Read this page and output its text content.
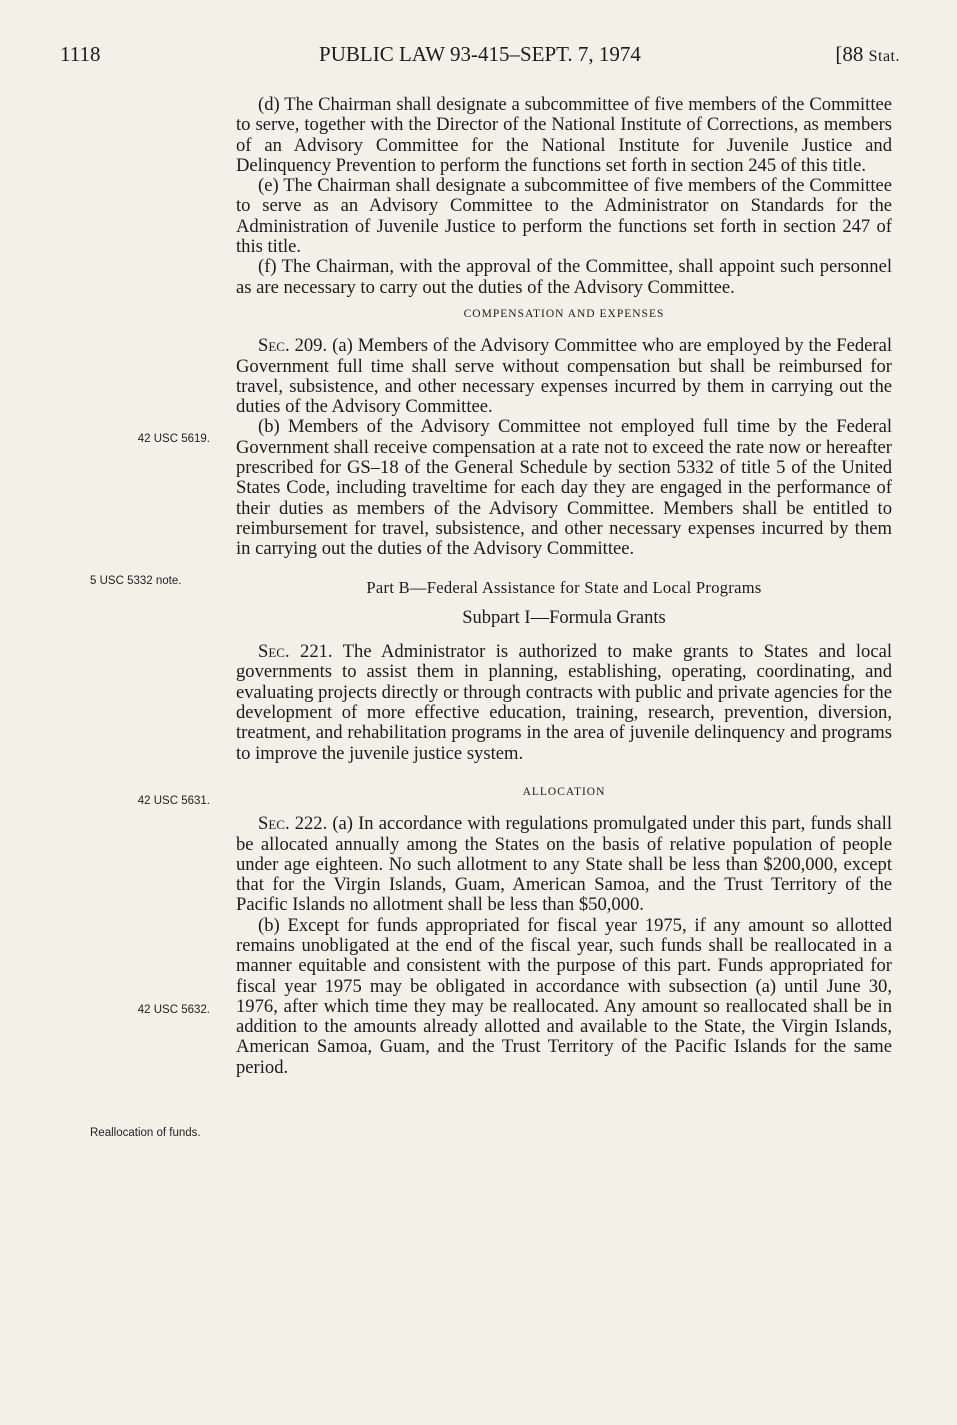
1118	PUBLIC LAW 93-415–SEPT. 7, 1974	[88 Stat.
42 USC 5619.
5 USC 5332 note.
42 USC 5631.
42 USC 5632.
Reallocation of funds.

(d) The Chairman shall designate a subcommittee of five members of the Committee to serve, together with the Director of the National Institute of Corrections, as members of an Advisory Committee for the National Institute for Juvenile Justice and Delinquency Prevention to perform the functions set forth in section 245 of this title.

(e) The Chairman shall designate a subcommittee of five members of the Committee to serve as an Advisory Committee to the Administrator on Standards for the Administration of Juvenile Justice to perform the functions set forth in section 247 of this title.

(f) The Chairman, with the approval of the Committee, shall appoint such personnel as are necessary to carry out the duties of the Advisory Committee.

COMPENSATION AND EXPENSES

Sec. 209. (a) Members of the Advisory Committee who are employed by the Federal Government full time shall serve without compensation but shall be reimbursed for travel, subsistence, and other necessary expenses incurred by them in carrying out the duties of the Advisory Committee.

(b) Members of the Advisory Committee not employed full time by the Federal Government shall receive compensation at a rate not to exceed the rate now or hereafter prescribed for GS–18 of the General Schedule by section 5332 of title 5 of the United States Code, including traveltime for each day they are engaged in the performance of their duties as members of the Advisory Committee. Members shall be entitled to reimbursement for travel, subsistence, and other necessary expenses incurred by them in carrying out the duties of the Advisory Committee.

Part B—Federal Assistance for State and Local Programs
Subpart I—Formula Grants

Sec. 221. The Administrator is authorized to make grants to States and local governments to assist them in planning, establishing, operating, coordinating, and evaluating projects directly or through contracts with public and private agencies for the development of more effective education, training, research, prevention, diversion, treatment, and rehabilitation programs in the area of juvenile delinquency and programs to improve the juvenile justice system.

ALLOCATION

Sec. 222. (a) In accordance with regulations promulgated under this part, funds shall be allocated annually among the States on the basis of relative population of people under age eighteen. No such allotment to any State shall be less than $200,000, except that for the Virgin Islands, Guam, American Samoa, and the Trust Territory of the Pacific Islands no allotment shall be less than $50,000.

(b) Except for funds appropriated for fiscal year 1975, if any amount so allotted remains unobligated at the end of the fiscal year, such funds shall be reallocated in a manner equitable and consistent with the purpose of this part. Funds appropriated for fiscal year 1975 may be obligated in accordance with subsection (a) until June 30, 1976, after which time they may be reallocated. Any amount so reallocated shall be in addition to the amounts already allotted and available to the State, the Virgin Islands, American Samoa, Guam, and the Trust Territory of the Pacific Islands for the same period.
